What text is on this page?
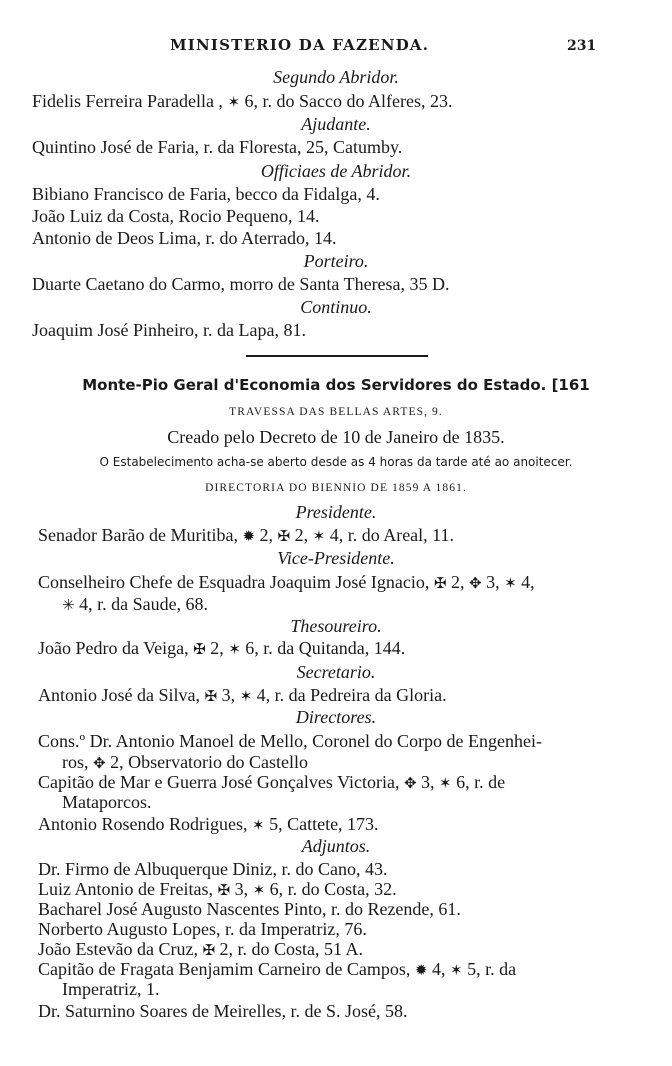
MINISTERIO DA FAZENDA.	231
Segundo Abridor.
Fidelis Ferreira Paradella , ✶ 6, r. do Sacco do Alferes, 23.
Ajudante.
Quintino José de Faria, r. da Floresta, 25, Catumby.
Officiaes de Abridor.
Bibiano Francisco de Faria, becco da Fidalga, 4.
João Luiz da Costa, Rocio Pequeno, 14.
Antonio de Deos Lima, r. do Aterrado, 14.
Porteiro.
Duarte Caetano do Carmo, morro de Santa Theresa, 35 D.
Continuo.
Joaquim José Pinheiro, r. da Lapa, 81.
Monte-Pio Geral d'Economia dos Servidores do Estado. [161
TRAVESSA DAS BELLAS ARTES, 9.
Creado pelo Decreto de 10 de Janeiro de 1835.
O Estabelecimento acha-se aberto desde as 4 horas da tarde até ao anoitecer.
DIRECTORIA DO BIENNIO DE 1859 A 1861.
Presidente.
Senador Barão de Muritiba, ✹ 2, ✠ 2, ✶ 4, r. do Areal, 11.
Vice-Presidente.
Conselheiro Chefe de Esquadra Joaquim José Ignacio, ✠ 2, ✥ 3, ✶ 4,
✳ 4, r. da Saude, 68.
Thesoureiro.
João Pedro da Veiga, ✠ 2, ✶ 6, r. da Quitanda, 144.
Secretario.
Antonio José da Silva, ✠ 3, ✶ 4, r. da Pedreira da Gloria.
Directores.
Cons.º Dr. Antonio Manoel de Mello, Coronel do Corpo de Engenhei-
ros, ✥ 2, Observatorio do Castello
Capitão de Mar e Guerra José Gonçalves Victoria, ✥ 3, ✶ 6, r. de
Mataporcos.
Antonio Rosendo Rodrigues, ✶ 5, Cattete, 173.
Adjuntos.
Dr. Firmo de Albuquerque Diniz, r. do Cano, 43.
Luiz Antonio de Freitas, ✠ 3, ✶ 6, r. do Costa, 32.
Bacharel José Augusto Nascentes Pinto, r. do Rezende, 61.
Norberto Augusto Lopes, r. da Imperatriz, 76.
João Estevão da Cruz, ✠ 2, r. do Costa, 51 A.
Capitão de Fragata Benjamim Carneiro de Campos, ✹ 4, ✶ 5, r. da
Imperatriz, 1.
Dr. Saturnino Soares de Meirelles, r. de S. José, 58.
